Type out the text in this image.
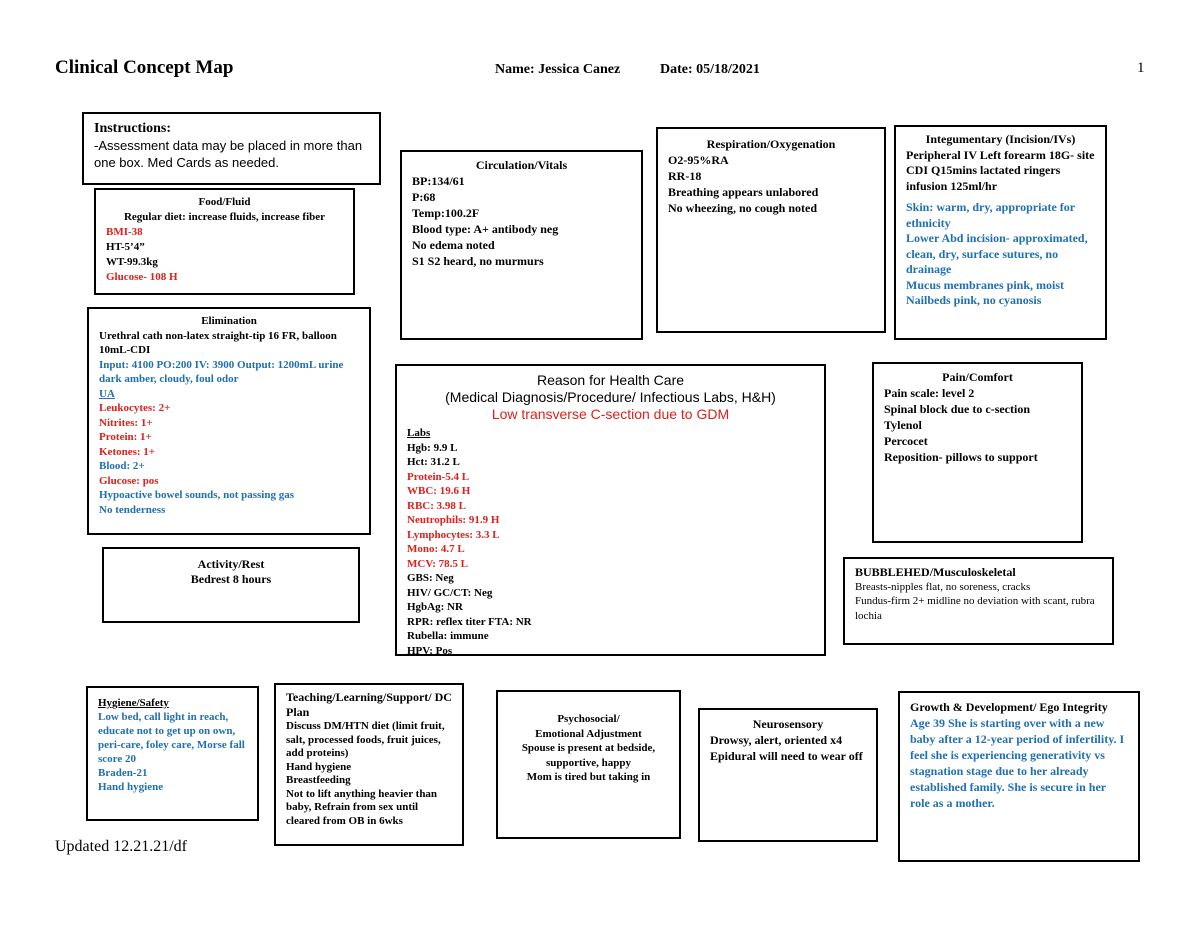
Clinical Concept Map	Name: Jessica Canez	Date: 05/18/2021	1
Instructions:
-Assessment data may be placed in more than one box. Med Cards as needed.
Food/Fluid
Regular diet: increase fluids, increase fiber
BMI-38
HT-5’4”
WT-99.3kg
Glucose- 108 H
Elimination
Urethral cath non-latex straight-tip 16 FR, balloon 10mL-CDI
Input: 4100 PO:200 IV: 3900 Output: 1200mL urine dark amber, cloudy, foul odor
UA
Leukocytes: 2+
Nitrites: 1+
Protein: 1+
Ketones: 1+
Blood: 2+
Glucose: pos
Hypoactive bowel sounds, not passing gas
No tenderness
Activity/Rest
Bedrest 8 hours
Circulation/Vitals
BP:134/61
P:68
Temp:100.2F
Blood type: A+ antibody neg
No edema noted
S1 S2 heard, no murmurs
Respiration/Oxygenation
O2-95%RA
RR-18
Breathing appears unlabored
No wheezing, no cough noted
Integumentary (Incision/IVs)
Peripheral IV Left forearm 18G- site CDI Q15mins lactated ringers infusion 125ml/hr
Skin: warm, dry, appropriate for ethnicity
Lower Abd incision- approximated, clean, dry, surface sutures, no drainage
Mucus membranes pink, moist
Nailbeds pink, no cyanosis
Reason for Health Care
(Medical Diagnosis/Procedure/ Infectious Labs, H&H)
Low transverse C-section due to GDM
Labs
Hgb: 9.9 L
Hct: 31.2 L
Protein-5.4 L
WBC: 19.6 H
RBC: 3.98 L
Neutrophils: 91.9 H
Lymphocytes: 3.3 L
Mono: 4.7 L
MCV: 78.5 L
GBS: Neg
HIV/ GC/CT: Neg
HgbAg: NR
RPR: reflex titer FTA: NR
Rubella: immune
HPV: Pos
Pain/Comfort
Pain scale: level 2
Spinal block due to c-section
Tylenol
Percocet
Reposition- pillows to support
BUBBLEHED/Musculoskeletal
Breasts-nipples flat, no soreness, cracks
Fundus-firm 2+ midline no deviation with scant, rubra lochia
Hygiene/Safety
Low bed, call light in reach, educate not to get up on own, peri-care, foley care, Morse fall score 20
Braden-21
Hand hygiene
Teaching/Learning/Support/ DC Plan
Discuss DM/HTN diet (limit fruit, salt, processed foods, fruit juices, add proteins)
Hand hygiene
Breastfeeding
Not to lift anything heavier than baby, Refrain from sex until cleared from OB in 6wks
Psychosocial/
Emotional Adjustment
Spouse is present at bedside, supportive, happy
Mom is tired but taking in
Neurosensory
Drowsy, alert, oriented x4
Epidural will need to wear off
Growth & Development/ Ego Integrity
Age 39 She is starting over with a new baby after a 12-year period of infertility. I feel she is experiencing generativity vs stagnation stage due to her already established family. She is secure in her role as a mother.
Updated 12.21.21/df
